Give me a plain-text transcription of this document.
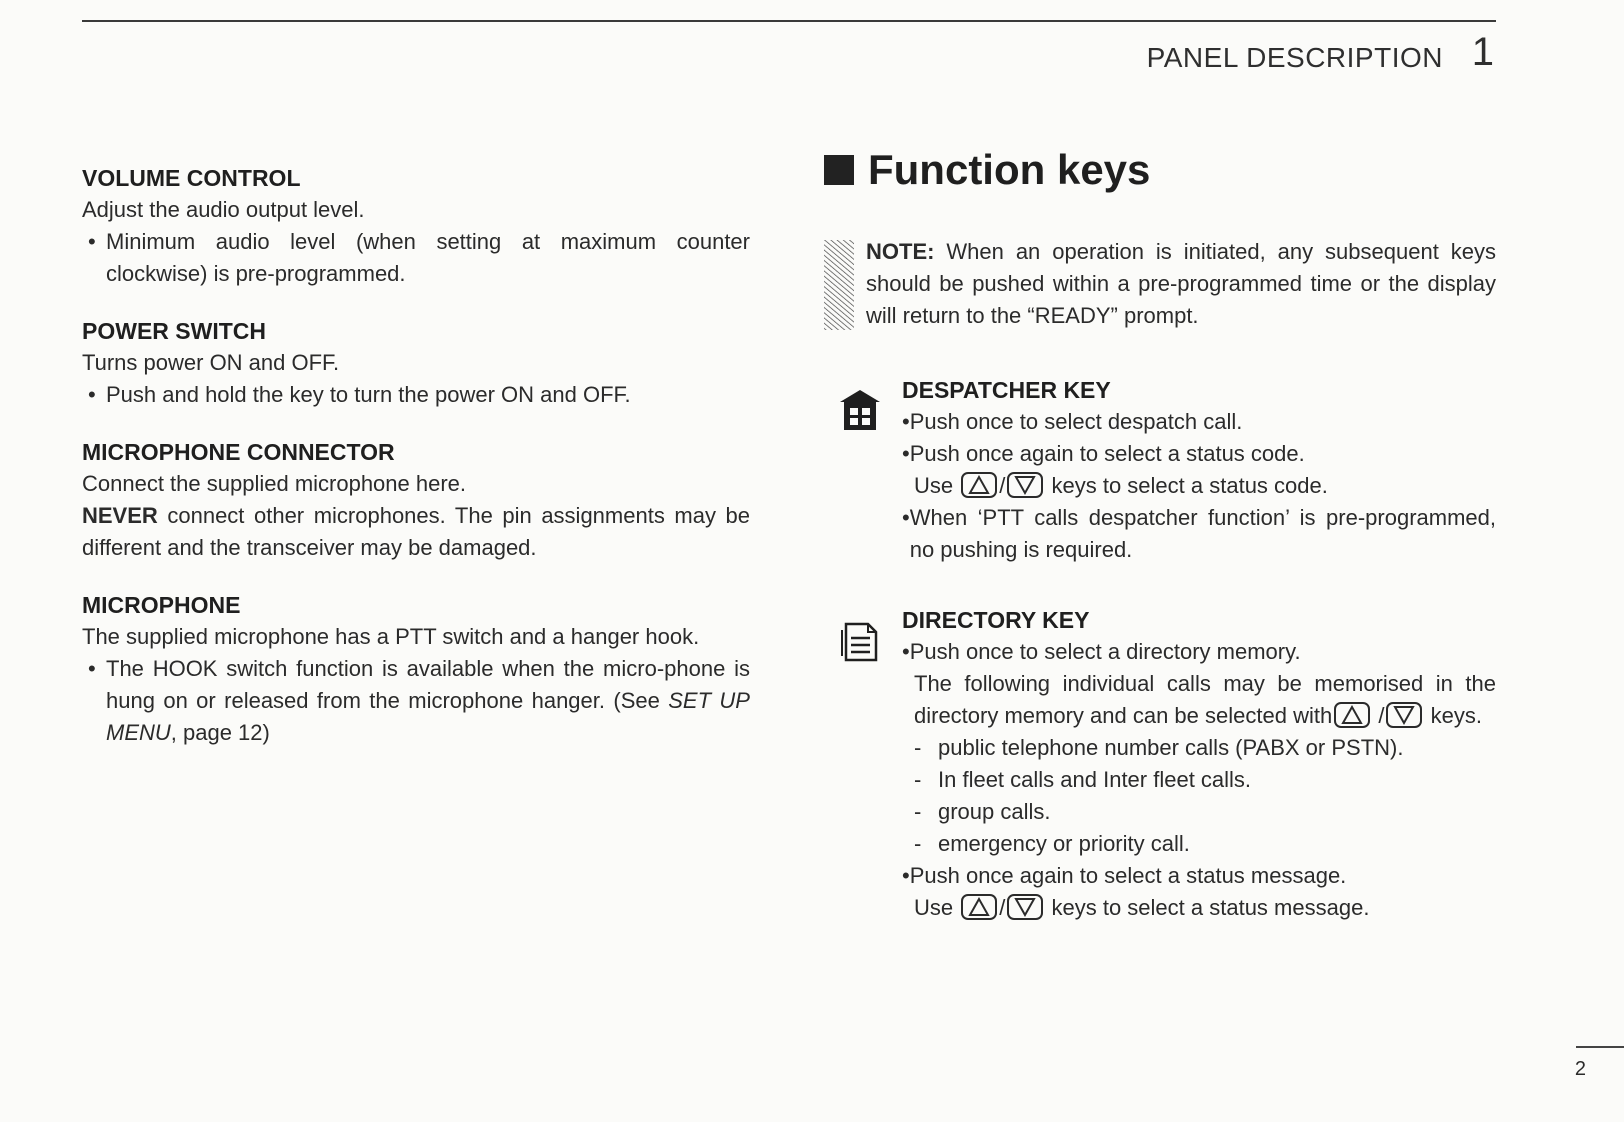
PANEL DESCRIPTION 1
VOLUME CONTROL
Adjust the audio output level.
• Minimum audio level (when setting at maximum counter clockwise) is pre-programmed.
POWER SWITCH
Turns power ON and OFF.
• Push and hold the key to turn the power ON and OFF.
MICROPHONE CONNECTOR
Connect the supplied microphone here.
NEVER connect other microphones. The pin assignments may be different and the transceiver may be damaged.
MICROPHONE
The supplied microphone has a PTT switch and a hanger hook.
• The HOOK switch function is available when the micro-phone is hung on or released from the microphone hanger. (See SET UP MENU, page 12)
Function keys
NOTE: When an operation is initiated, any subsequent keys should be pushed within a pre-programmed time or the display will return to the “READY” prompt.
DESPATCHER KEY
•Push once to select despatch call.
•Push once again to select a status code.
Use / keys to select a status code.
• When ‘PTT calls despatcher function’ is pre-programmed, no pushing is required.
DIRECTORY KEY
•Push once to select a directory memory.
The following individual calls may be memorised in the directory memory and can be selected with / keys.
- public telephone number calls (PABX or PSTN).
- In fleet calls and Inter fleet calls.
- group calls.
- emergency or priority call.
•Push once again to select a status message.
Use / keys to select a status message.
2
